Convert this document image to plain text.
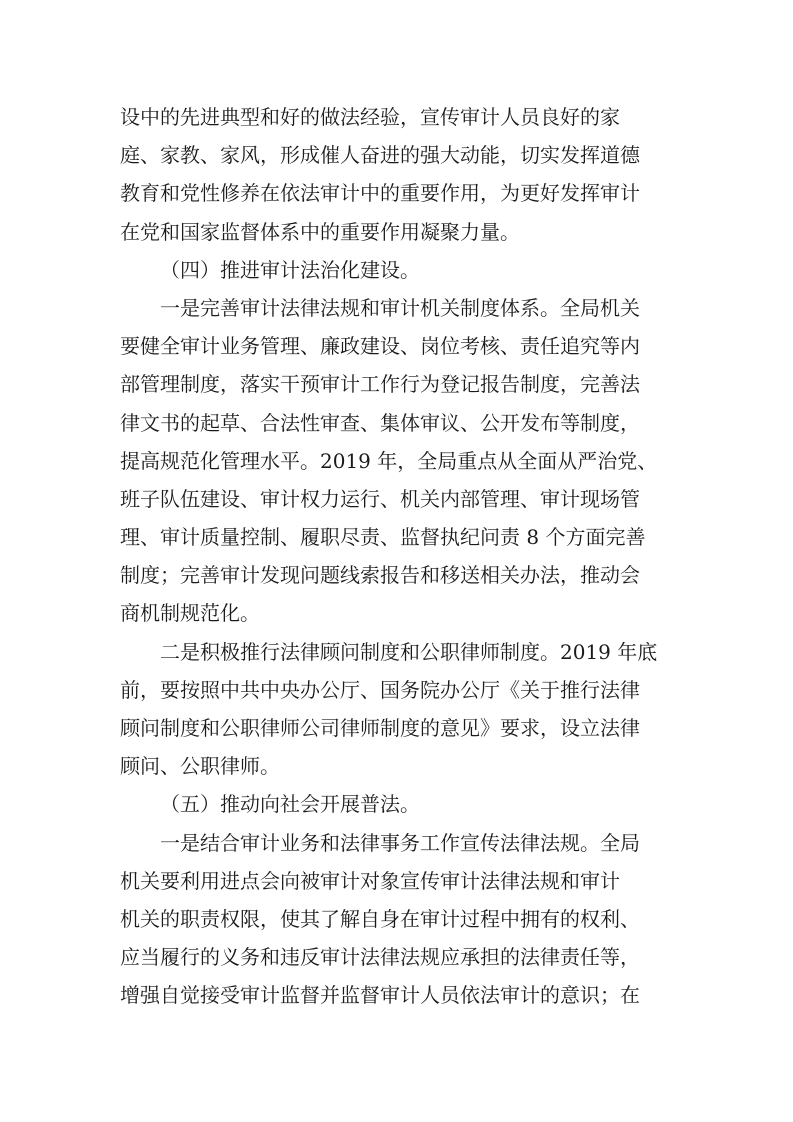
设中的先进典型和好的做法经验，宣传审计人员良好的家
庭、家教、家风，形成催人奋进的强大动能，切实发挥道德
教育和党性修养在依法审计中的重要作用，为更好发挥审计
在党和国家监督体系中的重要作用凝聚力量。
（四）推进审计法治化建设。
一是完善审计法律法规和审计机关制度体系。全局机关
要健全审计业务管理、廉政建设、岗位考核、责任追究等内
部管理制度，落实干预审计工作行为登记报告制度，完善法
律文书的起草、合法性审查、集体审议、公开发布等制度，
提高规范化管理水平。2019 年，全局重点从全面从严治党、
班子队伍建设、审计权力运行、机关内部管理、审计现场管
理、审计质量控制、履职尽责、监督执纪问责 8 个方面完善
制度；完善审计发现问题线索报告和移送相关办法，推动会
商机制规范化。
二是积极推行法律顾问制度和公职律师制度。2019 年底
前，要按照中共中央办公厅、国务院办公厅《关于推行法律
顾问制度和公职律师公司律师制度的意见》要求，设立法律
顾问、公职律师。
（五）推动向社会开展普法。
一是结合审计业务和法律事务工作宣传法律法规。全局
机关要利用进点会向被审计对象宣传审计法律法规和审计
机关的职责权限，使其了解自身在审计过程中拥有的权利、
应当履行的义务和违反审计法律法规应承担的法律责任等，
增强自觉接受审计监督并监督审计人员依法审计的意识；在
